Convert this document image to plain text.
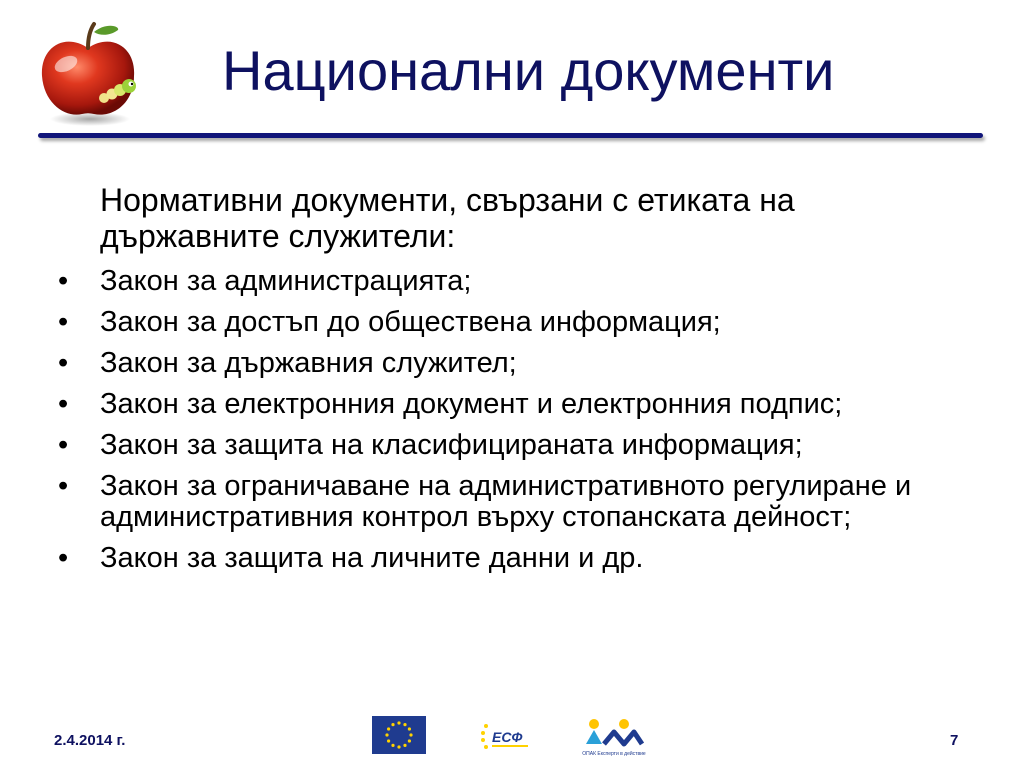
Национални документи
Нормативни документи, свързани с етиката на държавните служители:
• Закон за администрацията;
• Закон за достъп до обществена информация;
• Закон за държавния служител;
• Закон за електронния документ и електронния подпис;
• Закон за защита на класифицираната информация;
• Закон за ограничаване на административното регулиране и административния контрол върху стопанската дейност;
• Закон за защита на личните данни и др.
2.4.2014 г.	ЕСФ
ОПАК Експерти в действие
7
